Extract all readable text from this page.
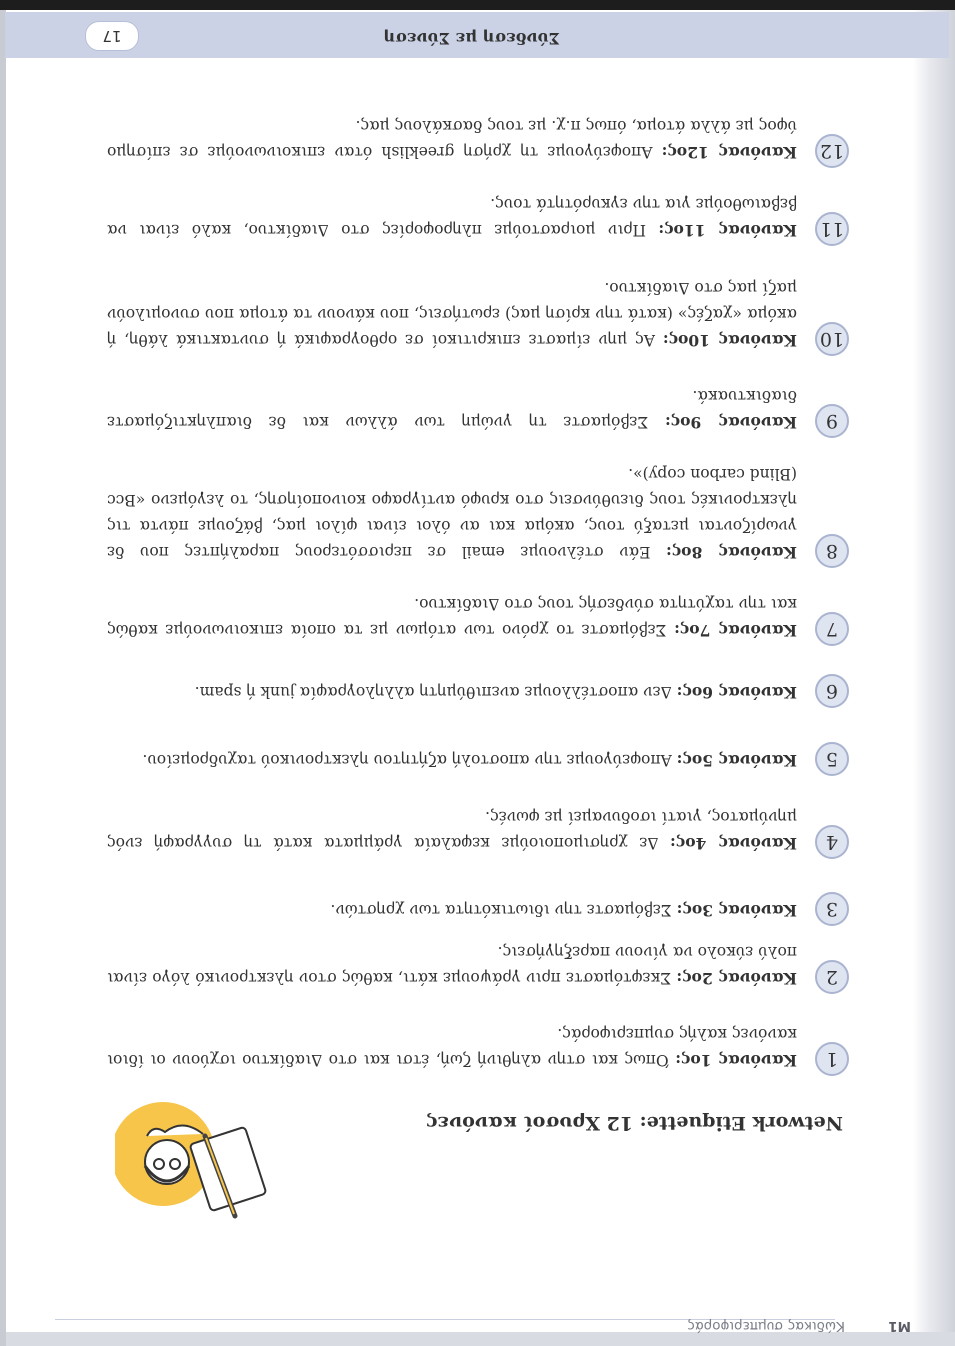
M1
Κώδικας συμπεριφοράς
Network Etiquette: 12 Χρυσοί κανόνες
1
Κανόνας 1ος: Όπως και στην αληθινή ζωή, έτσι και στο Διαδίκτυο ισχύουν οι ίδιοι κανόνες καλής συμπεριφοράς.
2
Κανόνας 2ος: Σκεφτόμαστε πριν γράψουμε κάτι, καθώς στον ηλεκτρονικό λόγο είναι πολύ εύκολο να γίνουν παρεξηγήσεις.
3
Κανόνας 3ος: Σεβόμαστε την ιδιωτικότητα των χρηστών.
4
Κανόνας 4ος: Δε χρησιμοποιούμε κεφαλαία γράμματα κατά τη συγγραφή ενός μηνύματος, γιατί ισοδυναμεί με φωνές.
5
Κανόνας 5ος: Αποφεύγουμε την αποστολή αζήτητου ηλεκτρονικού ταχυδρομείου.
6
Κανόνας 6ος: Δεν αποστέλλουμε ανεπιθύμητη αλληλογραφία junk ή spam.
7
Κανόνας 7ος: Σεβόμαστε το χρόνο των ατόμων με τα οποία επικοινωνούμε καθώς και την ταχύτητα σύνδεσής τους στο Διαδίκτυο.
8
Κανόνας 8ος: Εάν στέλνουμε email σε περισσότερους παραλήπτες που δε γνωρίζονται μεταξύ τους, ακόμα και αν όλοι είναι φίλοι μας, βάζουμε πάντα τις ηλεκτρονικές τους διευθύνσεις στο κρυφό αντίγραφο κοινοποίησης, το λεγόμενο «Bcc (Blind carbon copy)».
9
Κανόνας 9ος: Σεβόμαστε τη γνώμη των άλλων και δε διαπληκτιζόμαστε διαδικτυακά.
10
Κανόνας 10ος: Ας μην είμαστε επικριτικοί σε ορθογραφικά ή συντακτικά λάθη, ή ακόμα «χαζές» (κατά την κρίση μας) ερωτήσεις, που κάνουν τα άτομα που συνομιλούν μαζί μας στο Διαδίκτυο.
11
Κανόνας 11ος: Πριν μοιραστούμε πληροφορίες στο Διαδίκτυο, καλό είναι να βεβαιωθούμε για την εγκυρότητά τους.
12
Κανόνας 12ος: Αποφεύγουμε τη χρήση greeklish όταν επικοινωνούμε σε επίσημο ύφος με άλλα άτομα, όπως π.χ. με τους δασκάλους μας.
Σύνδεση με Σύνεση
17
